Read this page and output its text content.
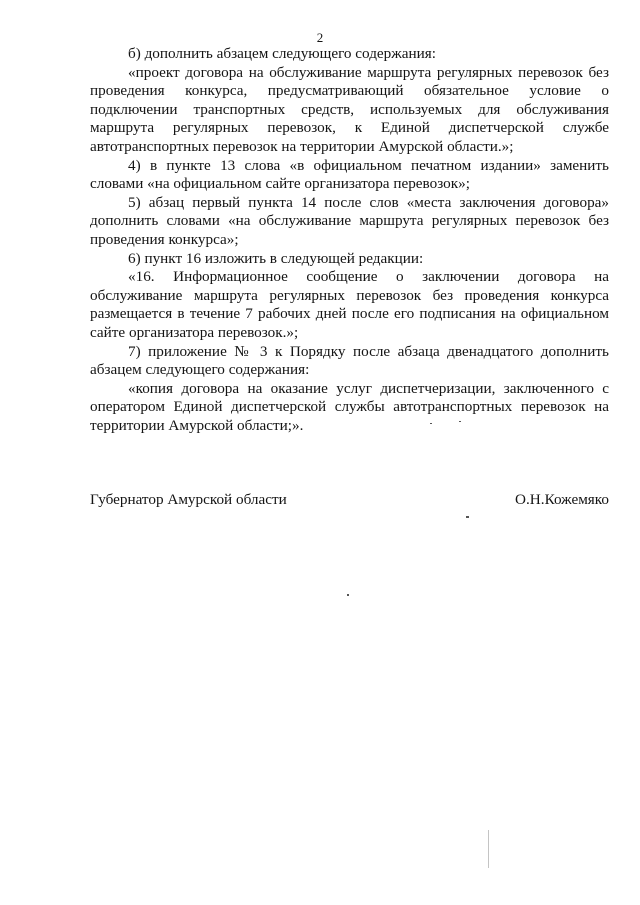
2

б) дополнить абзацем следующего содержания:

«проект договора на обслуживание маршрута регулярных перевозок без проведения конкурса, предусматривающий обязательное условие о подключении транспортных средств, используемых для обслуживания маршрута регулярных перевозок, к Единой диспетчерской службе автотранспортных перевозок на территории Амурской области.»;

4) в пункте 13 слова «в официальном печатном издании» заменить словами «на официальном сайте организатора перевозок»;

5) абзац первый пункта 14 после слов «места заключения договора» дополнить словами «на обслуживание маршрута регулярных перевозок без проведения конкурса»;

6) пункт 16 изложить в следующей редакции:

«16. Информационное сообщение о заключении договора на обслуживание маршрута регулярных перевозок без проведения конкурса размещается в течение 7 рабочих дней после его подписания на официальном сайте организатора перевозок.»;

7) приложение № 3 к Порядку после абзаца двенадцатого дополнить абзацем следующего содержания:

«копия договора на оказание услуг диспетчеризации, заключенного с оператором Единой диспетчерской службы автотранспортных перевозок на территории Амурской области;».

Губернатор Амурской области	О.Н.Кожемяко
